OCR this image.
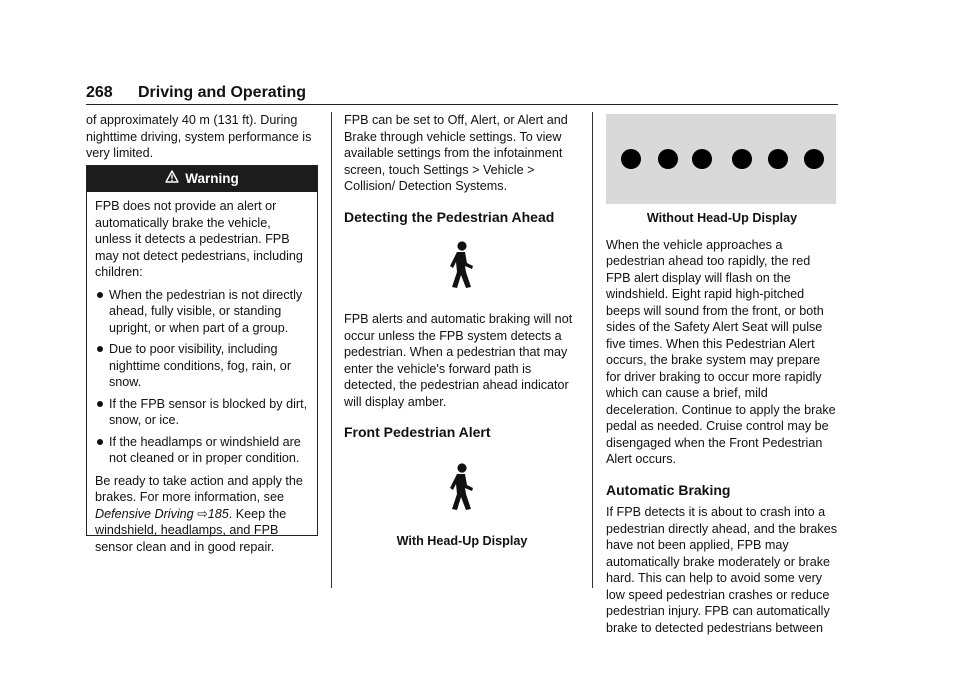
268 Driving and Operating

of approximately 40 m (131 ft). During nighttime driving, system performance is very limited.

Warning

FPB does not provide an alert or automatically brake the vehicle, unless it detects a pedestrian. FPB may not detect pedestrians, including children:

When the pedestrian is not directly ahead, fully visible, or standing upright, or when part of a group.
Due to poor visibility, including nighttime conditions, fog, rain, or snow.
If the FPB sensor is blocked by dirt, snow, or ice.
If the headlamps or windshield are not cleaned or in proper condition.

Be ready to take action and apply the brakes. For more information, see Defensive Driving ⇨185. Keep the windshield, headlamps, and FPB sensor clean and in good repair.

FPB can be set to Off, Alert, or Alert and Brake through vehicle settings. To view available settings from the infotainment screen, touch Settings > Vehicle > Collision/ Detection Systems.

Detecting the Pedestrian Ahead

FPB alerts and automatic braking will not occur unless the FPB system detects a pedestrian. When a pedestrian that may enter the vehicle's forward path is detected, the pedestrian ahead indicator will display amber.

Front Pedestrian Alert

With Head-Up Display

Without Head-Up Display

When the vehicle approaches a pedestrian ahead too rapidly, the red FPB alert display will flash on the windshield. Eight rapid high-pitched beeps will sound from the front, or both sides of the Safety Alert Seat will pulse five times. When this Pedestrian Alert occurs, the brake system may prepare for driver braking to occur more rapidly which can cause a brief, mild deceleration. Continue to apply the brake pedal as needed. Cruise control may be disengaged when the Front Pedestrian Alert occurs.

Automatic Braking

If FPB detects it is about to crash into a pedestrian directly ahead, and the brakes have not been applied, FPB may automatically brake moderately or brake hard. This can help to avoid some very low speed pedestrian crashes or reduce pedestrian injury. FPB can automatically brake to detected pedestrians between
